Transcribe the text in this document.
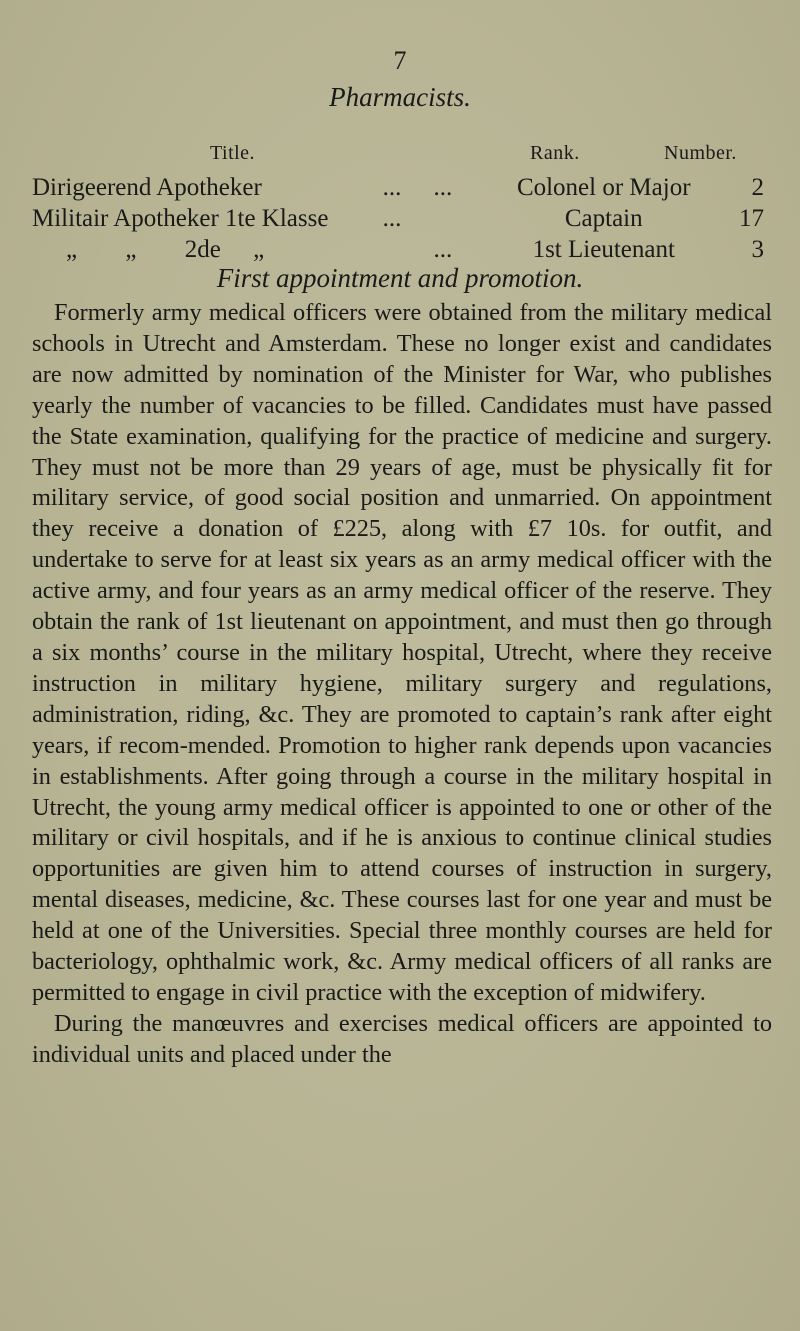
7
Pharmacists.
Title.	Rank.	Number.
Dirigeerend Apotheker	...	...	Colonel or Major	2
Militair Apotheker 1te Klasse	...		Captain	17
„ „ 2de „		...	1st Lieutenant	3
First appointment and promotion.

Formerly army medical officers were obtained from the military medical schools in Utrecht and Amsterdam. These no longer exist and candidates are now admitted by nomination of the Minister for War, who publishes yearly the number of vacancies to be filled. Candidates must have passed the State examination, qualifying for the practice of medicine and surgery. They must not be more than 29 years of age, must be physically fit for military service, of good social position and unmarried. On appointment they receive a donation of £225, along with £7 10s. for outfit, and undertake to serve for at least six years as an army medical officer with the active army, and four years as an army medical officer of the reserve. They obtain the rank of 1st lieutenant on appointment, and must then go through a six months’ course in the military hospital, Utrecht, where they receive instruction in military hygiene, military surgery and regulations, administration, riding, &c. They are promoted to captain’s rank after eight years, if recom-mended. Promotion to higher rank depends upon vacancies in establishments. After going through a course in the military hospital in Utrecht, the young army medical officer is appointed to one or other of the military or civil hospitals, and if he is anxious to continue clinical studies opportunities are given him to attend courses of instruction in surgery, mental diseases, medicine, &c. These courses last for one year and must be held at one of the Universities. Special three monthly courses are held for bacteriology, ophthalmic work, &c. Army medical officers of all ranks are permitted to engage in civil practice with the exception of midwifery.

During the manœuvres and exercises medical officers are appointed to individual units and placed under the
